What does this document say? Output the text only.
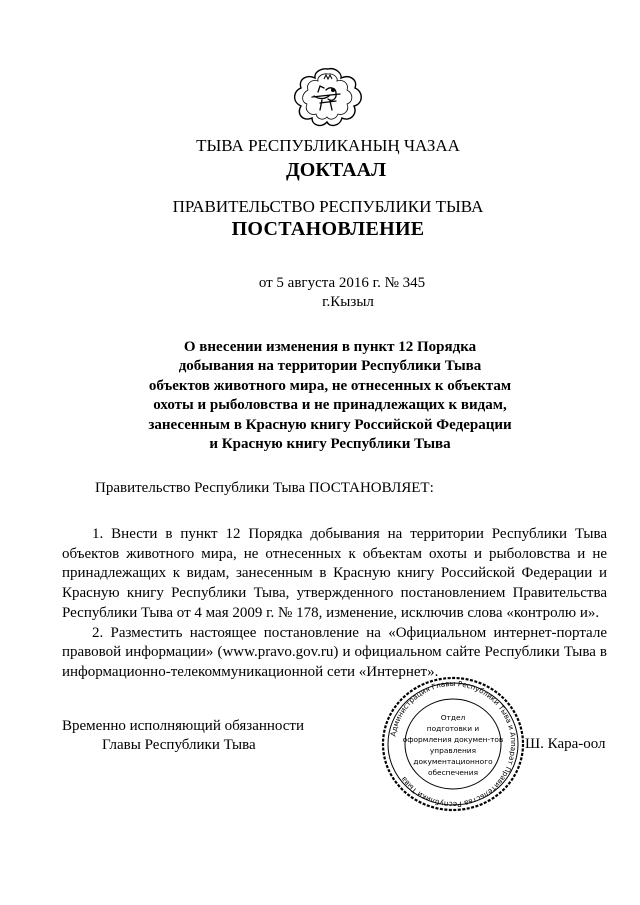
ТЫВА РЕСПУБЛИКАНЫҢ ЧАЗАА
ДОКТААЛ
ПРАВИТЕЛЬСТВО РЕСПУБЛИКИ ТЫВА
ПОСТАНОВЛЕНИЕ
от 5 августа 2016 г. № 345
г.Кызыл
О внесении изменения в пункт 12 Порядка
добывания на территории Республики Тыва
объектов животного мира, не отнесенных к объектам
охоты и рыболовства и не принадлежащих к видам,
занесенным в Красную книгу Российской Федерации
и Красную книгу Республики Тыва
Правительство Республики Тыва ПОСТАНОВЛЯЕТ:

1. Внести в пункт 12 Порядка добывания на территории Республики Тыва объектов животного мира, не отнесенных к объектам охоты и рыболовства и не принадлежащих к видам, занесенным в Красную книгу Российской Федерации и Красную книгу Республики Тыва, утвержденного постановлением Правительства Республики Тыва от 4 мая 2009 г. № 178, изменение, исключив слова «контролю и».

2. Разместить настоящее постановление на «Официальном интернет-портале правовой информации» (www.pravo.gov.ru) и официальном сайте Республики Тыва в информационно-телекоммуникационной сети «Интернет».

Временно исполняющий обязанности
Главы Республики Тыва
Администрация Главы Республики Тыва и Аппарат Правительства Республики Тыва
Отдел
подготовки и
оформления докумен-тов
управления
документационного
обеспечения
Ш. Кара-оол
